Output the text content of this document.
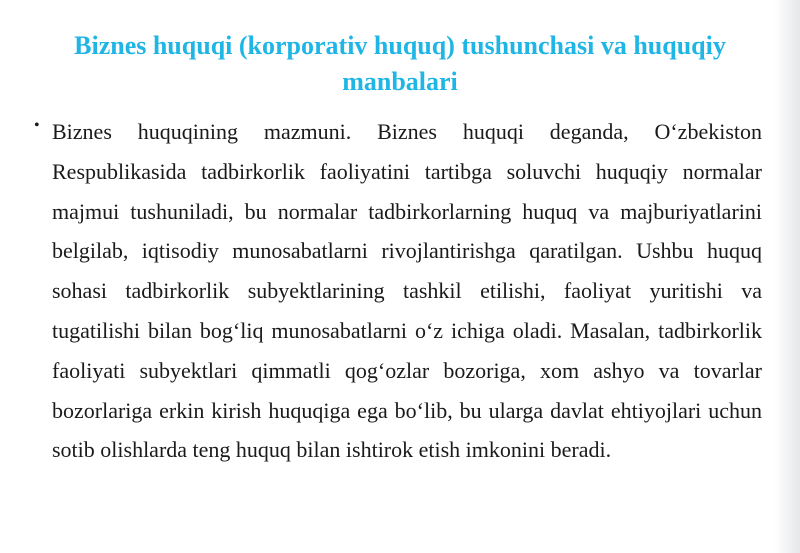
Biznes huquqi (korporativ huquq) tushunchasi va huquqiy manbalari
• Biznes huquqining mazmuni. Biznes huquqi deganda, O‘zbekiston Respublikasida tadbirkorlik faoliyatini tartibga soluvchi huquqiy normalar majmui tushuniladi, bu normalar tadbirkorlarning huquq va majburiyatlarini belgilab, iqtisodiy munosabatlarni rivojlantirishga qaratilgan. Ushbu huquq sohasi tadbirkorlik subyektlarining tashkil etilishi, faoliyat yuritishi va tugatilishi bilan bog‘liq munosabatlarni o‘z ichiga oladi. Masalan, tadbirkorlik faoliyati subyektlari qimmatli qog‘ozlar bozoriga, xom ashyo va tovarlar bozorlariga erkin kirish huquqiga ega bo‘lib, bu ularga davlat ehtiyojlari uchun sotib olishlarda teng huquq bilan ishtirok etish imkonini beradi.
